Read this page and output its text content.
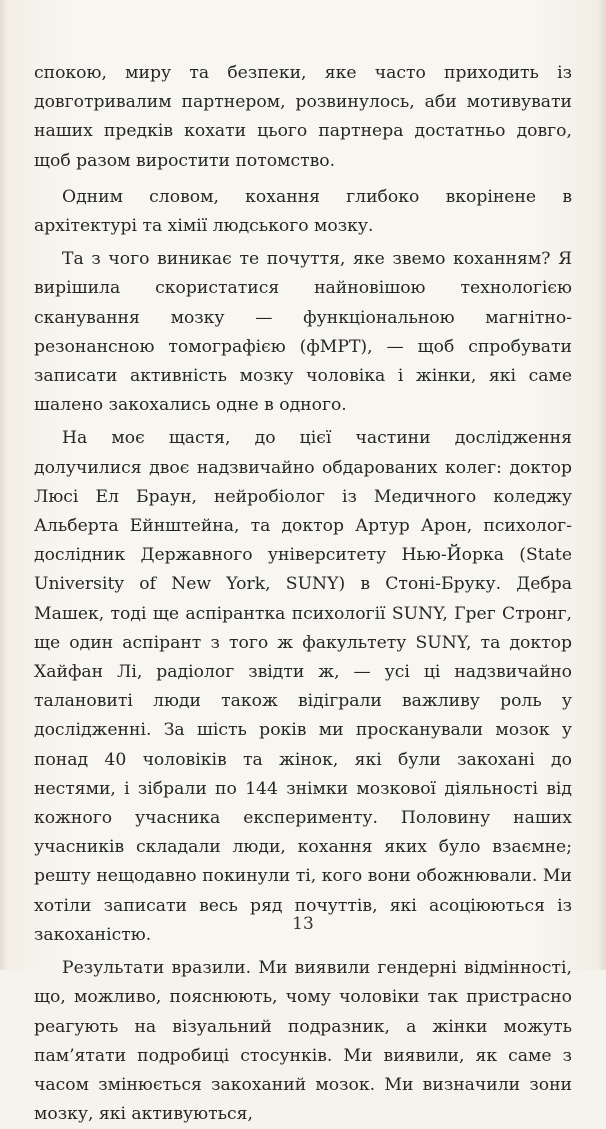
спокою, миру та безпеки, яке часто приходить із довготривалим партнером, розвинулось, аби мотивувати наших предків кохати цього партнера достатньо довго, щоб разом виростити потомство.

Одним словом, кохання глибоко вкорінене в архітектурі та хімії людського мозку.

Та з чого виникає те почуття, яке звемо коханням? Я вирішила скористатися найновішою технологією сканування мозку — функціональною магнітно-резонансною томографією (фМРТ), — щоб спробувати записати активність мозку чоловіка і жінки, які саме шалено закохались одне в одного.

На моє щастя, до цієї частини дослідження долучилися двоє надзвичайно обдарованих колег: доктор Люсі Ел Браун, нейробіолог із Медичного коледжу Альберта Ейнштейна, та доктор Артур Арон, психолог-дослідник Державного університету Нью-Йорка (State University of New York, SUNY) в Стоні-Бруку. Дебра Машек, тоді ще аспірантка психології SUNY, Грег Стронг, ще один аспірант з того ж факультету SUNY, та доктор Хайфан Лі, радіолог звідти ж, — усі ці надзвичайно талановиті люди також відіграли важливу роль у дослідженні. За шість років ми просканували мозок у понад 40 чоловіків та жінок, які були закохані до нестями, і зібрали по 144 знімки мозкової діяльності від кожного учасника експерименту. Половину наших учасників складали люди, кохання яких було взаємне; решту нещодавно покинули ті, кого вони обожнювали. Ми хотіли записати весь ряд почуттів, які асоціюються із закоханістю.

Результати вразили. Ми виявили гендерні відмінності, що, можливо, пояснюють, чому чоловіки так пристрасно реагують на візуальний подразник, а жінки можуть пам’ятати подробиці стосунків. Ми виявили, як саме з часом змінюється закоханий мозок. Ми визначили зони мозку, які активуються,

13
